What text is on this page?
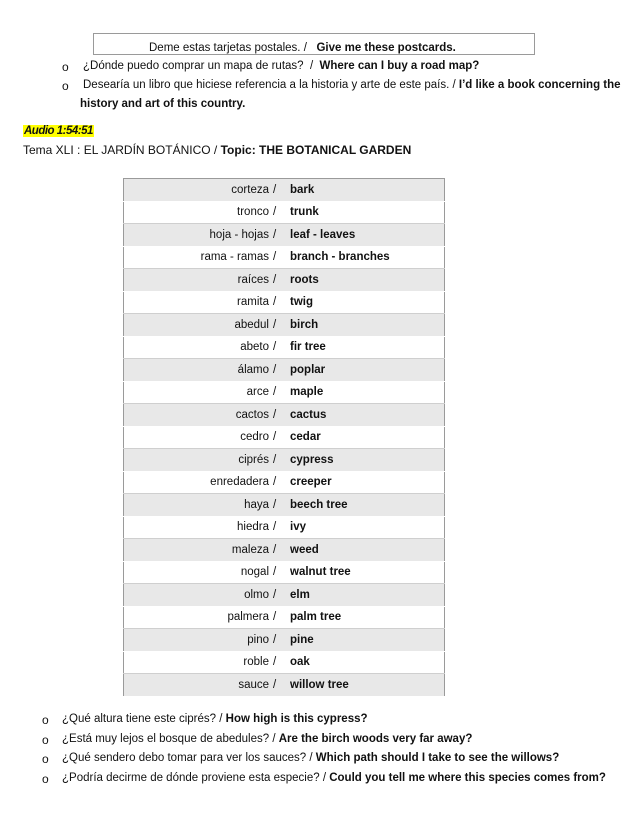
Deme estas tarjetas postales. /   Give me these postcards.
o ¿Dónde puedo comprar un mapa de rutas?  /  Where can I buy a road map?
o Desearía un libro que hiciese referencia a la historia y arte de este país. / I’d like a book concerning the
history and art of this country.
Audio 1:54:51
Tema XLI : EL JARDÍN BOTÁNICO / Topic: THE BOTANICAL GARDEN
corteza	/	bark
tronco	/	trunk
hoja - hojas	/	leaf - leaves
rama - ramas	/	branch - branches
raíces	/	roots
ramita	/	twig
abedul	/	birch
abeto	/	fir tree
álamo	/	poplar
arce	/	maple
cactos	/	cactus
cedro	/	cedar
ciprés	/	cypress
enredadera	/	creeper
haya	/	beech tree
hiedra	/	ivy
maleza	/	weed
nogal	/	walnut tree
olmo	/	elm
palmera	/	palm tree
pino	/	pine
roble	/	oak
sauce	/	willow tree
o ¿Qué altura tiene este ciprés? / How high is this cypress?
o ¿Está muy lejos el bosque de abedules? / Are the birch woods very far away?
o ¿Qué sendero debo tomar para ver los sauces? / Which path should I take to see the willows?
o ¿Podría decirme de dónde proviene esta especie? / Could you tell me where this species comes from?
